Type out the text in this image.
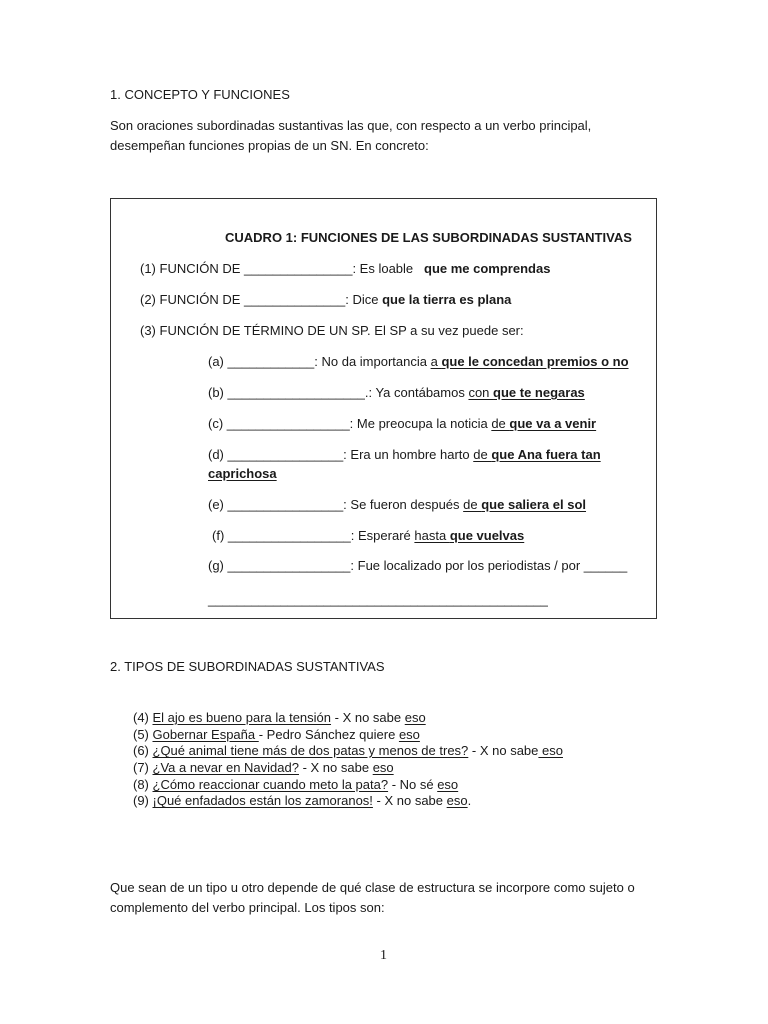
1. CONCEPTO Y FUNCIONES
Son oraciones subordinadas sustantivas las que, con respecto a un verbo principal,
desempeñan funciones propias de un SN. En concreto:
CUADRO 1: FUNCIONES DE LAS SUBORDINADAS SUSTANTIVAS
(1) FUNCIÓN DE _______________: Es loable que me comprendas
(2) FUNCIÓN DE ______________: Dice que la tierra es plana
(3) FUNCIÓN DE TÉRMINO DE UN SP. El SP a su vez puede ser:
(a) ____________: No da importancia a que le concedan premios o no
(b) ___________________.: Ya contábamos con que te negaras
(c) _________________: Me preocupa la noticia de que va a venir
(d) ________________: Era un hombre harto de que Ana fuera tan
caprichosa
(e) ________________: Se fueron después de que saliera el sol
(f) _________________: Esperaré hasta que vuelvas
(g) _________________: Fue localizado por los periodistas / por ______
_______________________________________________
2. TIPOS DE SUBORDINADAS SUSTANTIVAS
(4) El ajo es bueno para la tensión - X no sabe eso
(5) Gobernar España - Pedro Sánchez quiere eso
(6) ¿Qué animal tiene más de dos patas y menos de tres? - X no sabe eso
(7) ¿Va a nevar en Navidad? - X no sabe eso
(8) ¿Cómo reaccionar cuando meto la pata? - No sé eso
(9) ¡Qué enfadados están los zamoranos! - X no sabe eso.
Que sean de un tipo u otro depende de qué clase de estructura se incorpore como sujeto o
complemento del verbo principal. Los tipos son:
1
